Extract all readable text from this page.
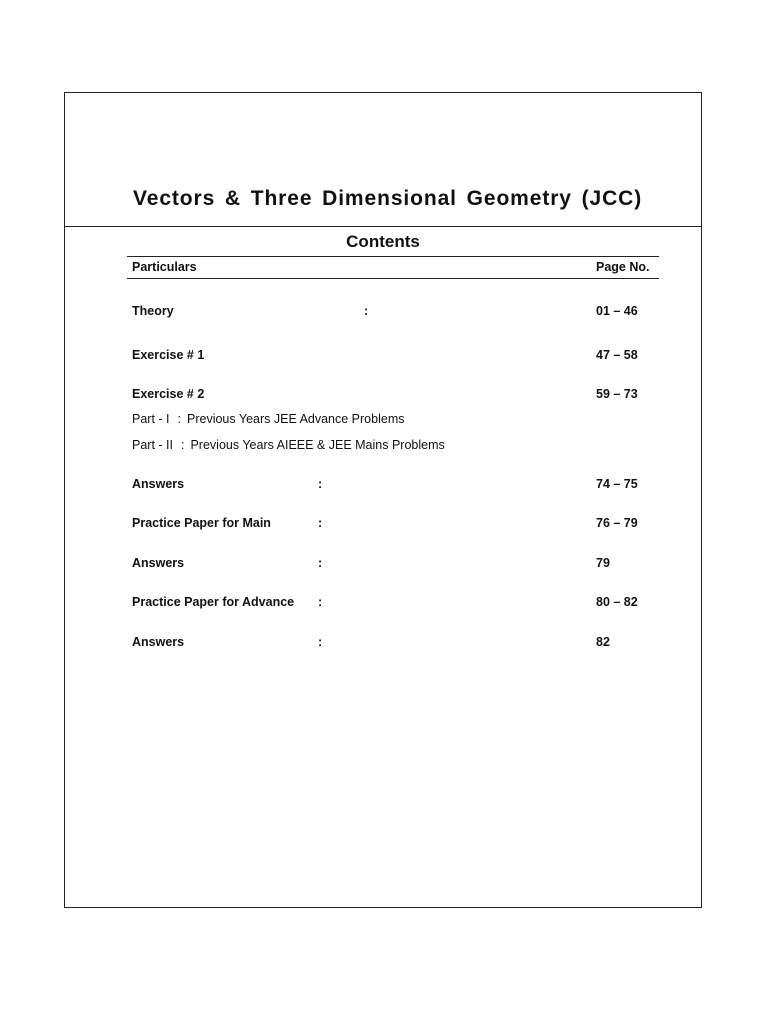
Vectors & Three Dimensional Geometry (JCC)
Contents
Particulars	Page No.
Theory	:	01 – 46
Exercise # 1	47 – 58
Exercise # 2	59 – 73
Part - I : Previous Years JEE Advance Problems
Part - II : Previous Years AIEEE & JEE Mains Problems
Answers	:	74 – 75
Practice Paper for Main	:	76 – 79
Answers	:	79
Practice Paper for Advance :	80 – 82
Answers	:	82
